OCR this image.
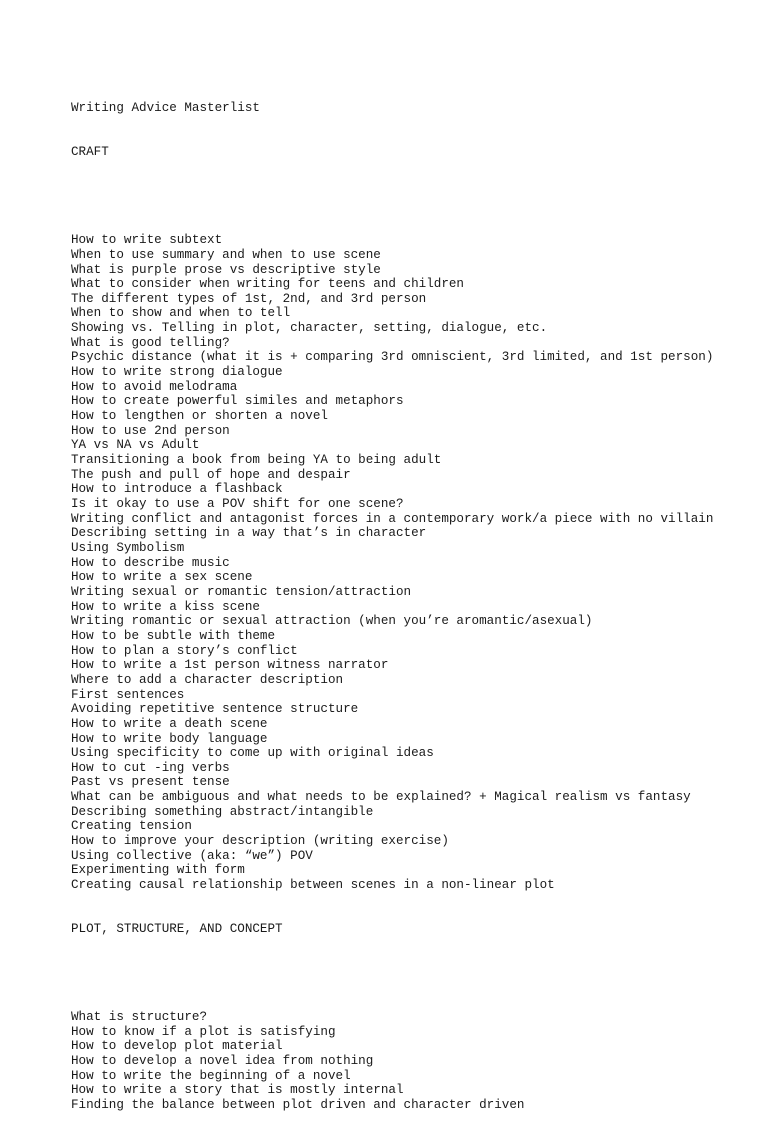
Writing Advice Masterlist

CRAFT

How to write subtext
When to use summary and when to use scene
What is purple prose vs descriptive style
What to consider when writing for teens and children
The different types of 1st, 2nd, and 3rd person
When to show and when to tell
Showing vs. Telling in plot, character, setting, dialogue, etc.
What is good telling?
Psychic distance (what it is + comparing 3rd omniscient, 3rd limited, and 1st person)
How to write strong dialogue
How to avoid melodrama
How to create powerful similes and metaphors
How to lengthen or shorten a novel
How to use 2nd person
YA vs NA vs Adult
Transitioning a book from being YA to being adult
The push and pull of hope and despair
How to introduce a flashback
Is it okay to use a POV shift for one scene?
Writing conflict and antagonist forces in a contemporary work/a piece with no villain
Describing setting in a way that’s in character
Using Symbolism
How to describe music
How to write a sex scene
Writing sexual or romantic tension/attraction
How to write a kiss scene
Writing romantic or sexual attraction (when you’re aromantic/asexual)
How to be subtle with theme
How to plan a story’s conflict
How to write a 1st person witness narrator
Where to add a character description
First sentences
Avoiding repetitive sentence structure
How to write a death scene
How to write body language
Using specificity to come up with original ideas
How to cut -ing verbs
Past vs present tense
What can be ambiguous and what needs to be explained? + Magical realism vs fantasy
Describing something abstract/intangible
Creating tension
How to improve your description (writing exercise)
Using collective (aka: “we”) POV
Experimenting with form
Creating causal relationship between scenes in a non-linear plot

PLOT, STRUCTURE, AND CONCEPT

What is structure?
How to know if a plot is satisfying
How to develop plot material
How to develop a novel idea from nothing
How to write the beginning of a novel
How to write a story that is mostly internal
Finding the balance between plot driven and character driven
